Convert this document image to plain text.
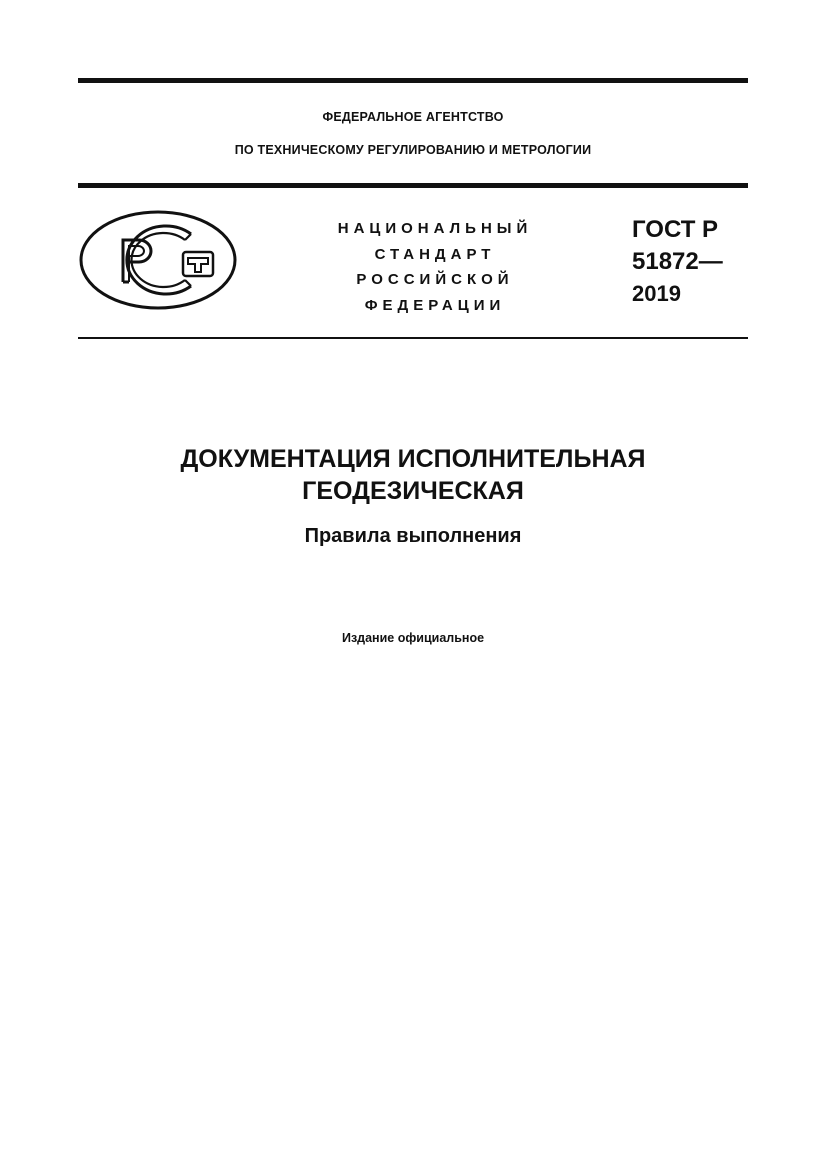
ФЕДЕРАЛЬНОЕ АГЕНТСТВО
ПО ТЕХНИЧЕСКОМУ РЕГУЛИРОВАНИЮ И МЕТРОЛОГИИ
НАЦИОНАЛЬНЫЙ
СТАНДАРТ
РОССИЙСКОЙ
ФЕДЕРАЦИИ
ГОСТ Р
51872—
2019
ДОКУМЕНТАЦИЯ ИСПОЛНИТЕЛЬНАЯ
ГЕОДЕЗИЧЕСКАЯ
Правила выполнения
Издание официальное
